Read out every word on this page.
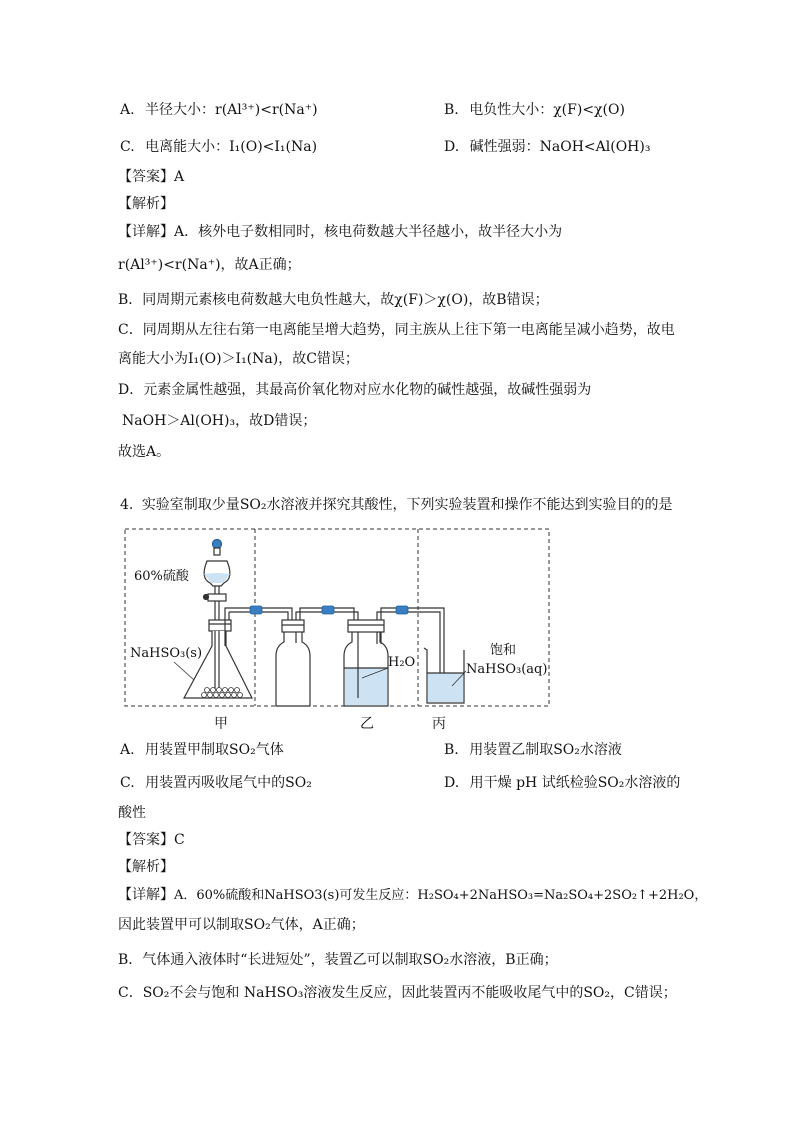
A. 半径大小：r(Al³⁺)<r(Na⁺)	B. 电负性大小：χ(F)<χ(O)
C. 电离能大小：I₁(O)<I₁(Na)	D. 碱性强弱：NaOH<Al(OH)₃
【答案】A
【解析】
【详解】A．核外电子数相同时，核电荷数越大半径越小，故半径大小为
r(Al³⁺)<r(Na⁺)，故A正确；
B．同周期元素核电荷数越大电负性越大，故χ(F)＞χ(O)，故B错误；
C．同周期从左往右第一电离能呈增大趋势，同主族从上往下第一电离能呈减小趋势，故电
离能大小为I₁(O)＞I₁(Na)，故C错误；
D．元素金属性越强，其最高价氧化物对应水化物的碱性越强，故碱性强弱为
NaOH＞Al(OH)₃，故D错误；
故选A。
4. 实验室制取少量SO₂水溶液并探究其酸性，下列实验装置和操作不能达到实验目的的是
60%硫酸
NaHSO₃(s)
H₂O
饱和
NaHSO₃(aq)
甲	乙	丙
A. 用装置甲制取SO₂气体	B. 用装置乙制取SO₂水溶液
C. 用装置丙吸收尾气中的SO₂	D. 用干燥 pH 试纸检验SO₂水溶液的
酸性
【答案】C
【解析】
【详解】A．60%硫酸和NaHSO3(s)可发生反应：H₂SO₄+2NaHSO₃=Na₂SO₄+2SO₂↑+2H₂O，
因此装置甲可以制取SO₂气体，A正确；
B．气体通入液体时“长进短处”，装置乙可以制取SO₂水溶液，B正确；
C．SO₂不会与饱和 NaHSO₃溶液发生反应，因此装置丙不能吸收尾气中的SO₂，C错误；
